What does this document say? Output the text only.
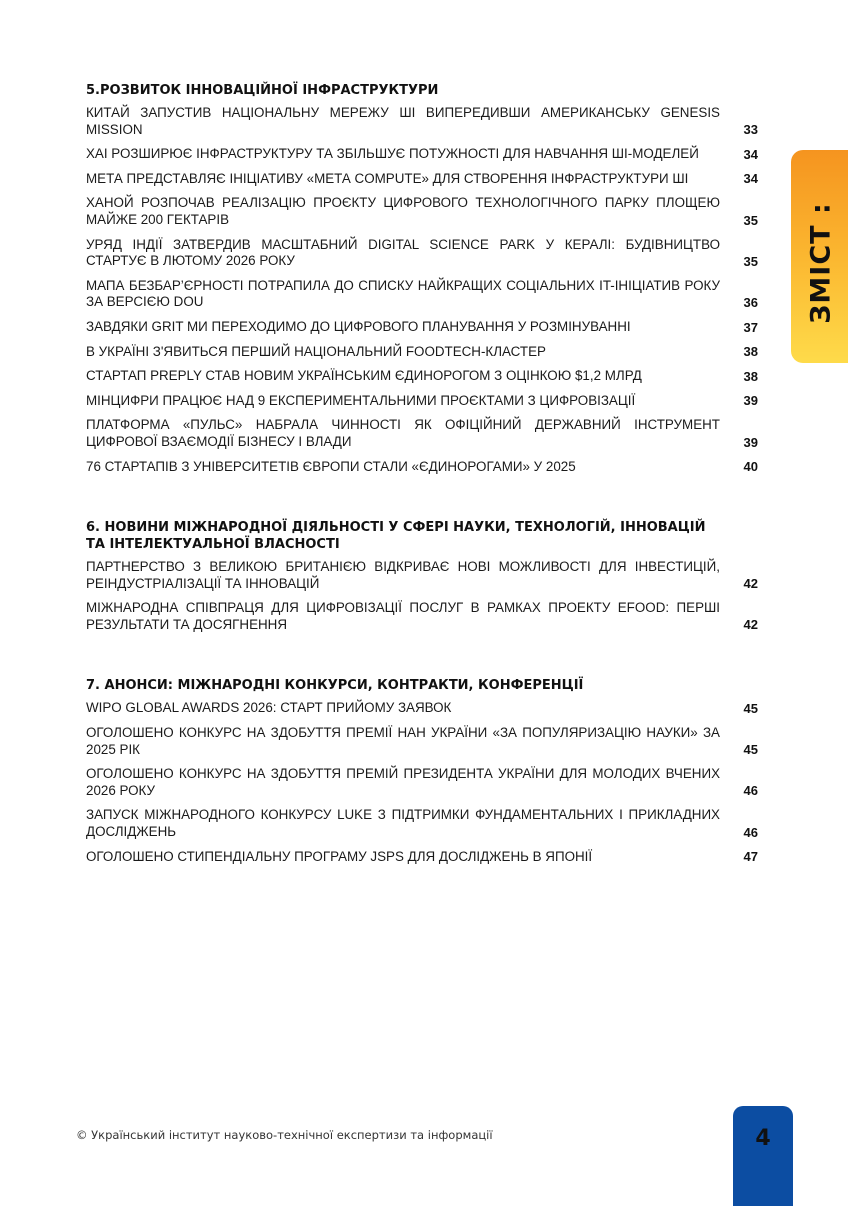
ЗМІСТ :
5.РОЗВИТОК ІННОВАЦІЙНОЇ ІНФРАСТРУКТУРИ
КИТАЙ ЗАПУСТИВ НАЦІОНАЛЬНУ МЕРЕЖУ ШІ ВИПЕРЕДИВШИ АМЕРИКАНСЬКУ GENESIS MISSION	33
ХАІ РОЗШИРЮЄ ІНФРАСТРУКТУРУ ТА ЗБІЛЬШУЄ ПОТУЖНОСТІ ДЛЯ НАВЧАННЯ ШІ-МОДЕЛЕЙ	34
МЕТА ПРЕДСТАВЛЯЄ ІНІЦІАТИВУ «МЕТА COMPUTE» ДЛЯ СТВОРЕННЯ ІНФРАСТРУКТУРИ ШІ	34
ХАНОЙ РОЗПОЧАВ РЕАЛІЗАЦІЮ ПРОЄКТУ ЦИФРОВОГО ТЕХНОЛОГІЧНОГО ПАРКУ ПЛОЩЕЮ МАЙЖЕ 200 ГЕКТАРІВ	35
УРЯД ІНДІЇ ЗАТВЕРДИВ МАСШТАБНИЙ DIGITAL SCIENCE PARK У КЕРАЛІ: БУДІВНИЦТВО СТАРТУЄ В ЛЮТОМУ 2026 РОКУ	35
МАПА БЕЗБАР’ЄРНОСТІ ПОТРАПИЛА ДО СПИСКУ НАЙКРАЩИХ СОЦІАЛЬНИХ IT-ІНІЦІАТИВ РОКУ ЗА ВЕРСІЄЮ DOU	36
ЗАВДЯКИ GRIT МИ ПЕРЕХОДИМО ДО ЦИФРОВОГО ПЛАНУВАННЯ У РОЗМІНУВАННІ	37
В УКРАЇНІ З'ЯВИТЬСЯ ПЕРШИЙ НАЦІОНАЛЬНИЙ FOODTECH-КЛАСТЕР	38
СТАРТАП PREPLY СТАВ НОВИМ УКРАЇНСЬКИМ ЄДИНОРОГОМ З ОЦІНКОЮ $1,2 МЛРД	38
МІНЦИФРИ ПРАЦЮЄ НАД 9 ЕКСПЕРИМЕНТАЛЬНИМИ ПРОЄКТАМИ З ЦИФРОВІЗАЦІЇ	39
ПЛАТФОРМА «ПУЛЬС» НАБРАЛА ЧИННОСТІ ЯК ОФІЦІЙНИЙ ДЕРЖАВНИЙ ІНСТРУМЕНТ ЦИФРОВОЇ ВЗАЄМОДІЇ БІЗНЕСУ І ВЛАДИ	39
76 СТАРТАПІВ З УНІВЕРСИТЕТІВ ЄВРОПИ СТАЛИ «ЄДИНОРОГАМИ» У 2025	40
6. НОВИНИ МІЖНАРОДНОЇ ДІЯЛЬНОСТІ У СФЕРІ НАУКИ, ТЕХНОЛОГІЙ, ІННОВАЦІЙ ТА ІНТЕЛЕКТУАЛЬНОЇ ВЛАСНОСТІ
ПАРТНЕРСТВО З ВЕЛИКОЮ БРИТАНІЄЮ ВІДКРИВАЄ НОВІ МОЖЛИВОСТІ ДЛЯ ІНВЕСТИЦІЙ, РЕІНДУСТРІАЛІЗАЦІЇ ТА ІННОВАЦІЙ	42
МІЖНАРОДНА СПІВПРАЦЯ ДЛЯ ЦИФРОВІЗАЦІЇ ПОСЛУГ В РАМКАХ ПРОЕКТУ EFOOD: ПЕРШІ РЕЗУЛЬТАТИ ТА ДОСЯГНЕННЯ	42
7. АНОНСИ: МІЖНАРОДНІ КОНКУРСИ, КОНТРАКТИ, КОНФЕРЕНЦІЇ
WIPO GLOBAL AWARDS 2026: СТАРТ ПРИЙОМУ ЗАЯВОК	45
ОГОЛОШЕНО КОНКУРС НА ЗДОБУТТЯ ПРЕМІЇ НАН УКРАЇНИ «ЗА ПОПУЛЯРИЗАЦІЮ НАУКИ» ЗА 2025 РІК	45
ОГОЛОШЕНО КОНКУРС НА ЗДОБУТТЯ ПРЕМІЙ ПРЕЗИДЕНТА УКРАЇНИ ДЛЯ МОЛОДИХ ВЧЕНИХ 2026 РОКУ	46
ЗАПУСК МІЖНАРОДНОГО КОНКУРСУ LUKE З ПІДТРИМКИ ФУНДАМЕНТАЛЬНИХ І ПРИКЛАДНИХ ДОСЛІДЖЕНЬ	46
ОГОЛОШЕНО СТИПЕНДІАЛЬНУ ПРОГРАМУ JSPS ДЛЯ ДОСЛІДЖЕНЬ В ЯПОНІЇ	47
© Український інститут науково-технічної експертизи та інформації	4
